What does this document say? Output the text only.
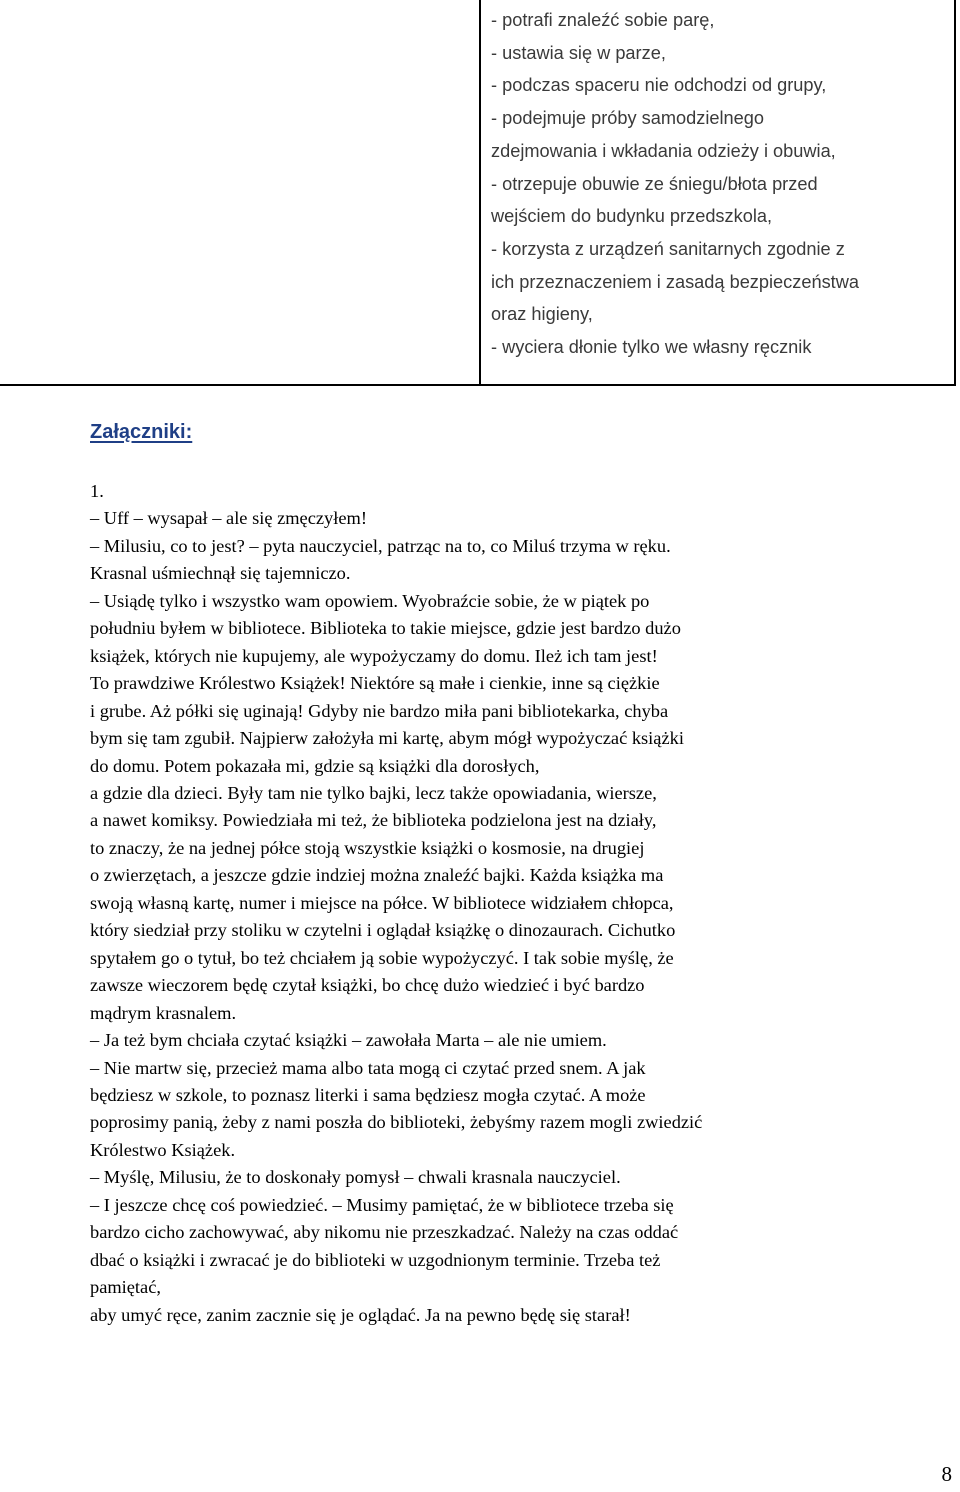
- potrafi znaleźć sobie parę,
- ustawia się w parze,
- podczas spaceru nie odchodzi od grupy,
- podejmuje próby samodzielnego
zdejmowania i wkładania odzieży i obuwia,
- otrzepuje obuwie ze śniegu/błota przed
wejściem do budynku przedszkola,
- korzysta z urządzeń sanitarnych zgodnie z
ich przeznaczeniem i zasadą bezpieczeństwa
oraz higieny,
- wyciera dłonie tylko we własny ręcznik
Załączniki:
1.
– Uff – wysapał – ale się zmęczyłem!
– Milusiu, co to jest? – pyta nauczyciel, patrząc na to, co Miluś trzyma w ręku.
Krasnal uśmiechnął się tajemniczo.
– Usiądę tylko i wszystko wam opowiem. Wyobraźcie sobie, że w piątek po
południu byłem w bibliotece. Biblioteka to takie miejsce, gdzie jest bardzo dużo
książek, których nie kupujemy, ale wypożyczamy do domu. Ileż ich tam jest!
To prawdziwe Królestwo Książek! Niektóre są małe i cienkie, inne są ciężkie
i grube. Aż półki się uginają! Gdyby nie bardzo miła pani bibliotekarka, chyba
bym się tam zgubił. Najpierw założyła mi kartę, abym mógł wypożyczać książki
do domu. Potem pokazała mi, gdzie są książki dla dorosłych,
a gdzie dla dzieci. Były tam nie tylko bajki, lecz także opowiadania, wiersze,
a nawet komiksy. Powiedziała mi też, że biblioteka podzielona jest na działy,
to znaczy, że na jednej półce stoją wszystkie książki o kosmosie, na drugiej
o zwierzętach, a jeszcze gdzie indziej można znaleźć bajki. Każda książka ma
swoją własną kartę, numer i miejsce na półce. W bibliotece widziałem chłopca,
który siedział przy stoliku w czytelni i oglądał książkę o dinozaurach. Cichutko
spytałem go o tytuł, bo też chciałem ją sobie wypożyczyć. I tak sobie myślę, że
zawsze wieczorem będę czytał książki, bo chcę dużo wiedzieć i być bardzo
mądrym krasnalem.
– Ja też bym chciała czytać książki – zawołała Marta – ale nie umiem.
– Nie martw się, przecież mama albo tata mogą ci czytać przed snem. A jak
będziesz w szkole, to poznasz literki i sama będziesz mogła czytać. A może
poprosimy panią, żeby z nami poszła do biblioteki, żebyśmy razem mogli zwiedzić
Królestwo Książek.
– Myślę, Milusiu, że to doskonały pomysł – chwali krasnala nauczyciel.
– I jeszcze chcę coś powiedzieć. – Musimy pamiętać, że w bibliotece trzeba się
bardzo cicho zachowywać, aby nikomu nie przeszkadzać. Należy na czas oddać
dbać o książki i zwracać je do biblioteki w uzgodnionym terminie. Trzeba też
pamiętać,
aby umyć ręce, zanim zacznie się je oglądać. Ja na pewno będę się starał!
8
